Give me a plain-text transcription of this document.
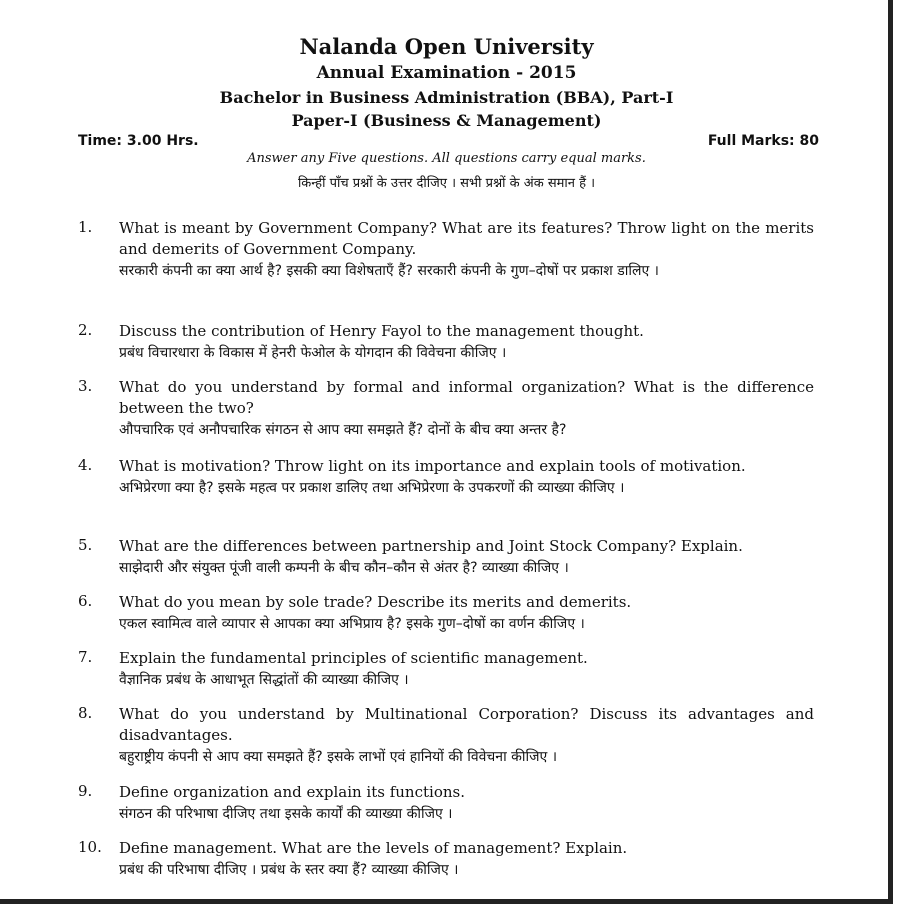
Nalanda Open University
Annual Examination - 2015
Bachelor in Business Administration (BBA), Part-I
Paper-I (Business & Management)
Time: 3.00 Hrs.	Full Marks: 80
Answer any Five questions. All questions carry equal marks.
किन्हीं पाँच प्रश्नों के उत्तर दीजिए । सभी प्रश्नों के अंक समान हैं ।
1. What is meant by Government Company? What are its features? Throw light on the merits and demerits of Government Company.
सरकारी कंपनी का क्या आर्थ है? इसकी क्या विशेषताएँ हैं? सरकारी कंपनी के गुण–दोषों पर प्रकाश डालिए ।
2. Discuss the contribution of Henry Fayol to the management thought.
प्रबंध विचारधारा के विकास में हेनरी फेओल के योगदान की विवेचना कीजिए ।
3. What do you understand by formal and informal organization? What is the difference between the two?
औपचारिक एवं अनौपचारिक संगठन से आप क्या समझते हैं? दोनों के बीच क्या अन्तर है?
4. What is motivation? Throw light on its importance and explain tools of motivation.
अभिप्रेरणा क्या है? इसके महत्व पर प्रकाश डालिए तथा अभिप्रेरणा के उपकरणों की व्याख्या कीजिए ।
5. What are the differences between partnership and Joint Stock Company? Explain.
साझेदारी और संयुक्त पूंजी वाली कम्पनी के बीच कौन–कौन से अंतर है? व्याख्या कीजिए ।
6. What do you mean by sole trade? Describe its merits and demerits.
एकल स्वामित्व वाले व्यापार से आपका क्या अभिप्राय है? इसके गुण–दोषों का वर्णन कीजिए ।
7. Explain the fundamental principles of scientific management.
वैज्ञानिक प्रबंध के आधाभूत सिद्धांतों की व्याख्या कीजिए ।
8. What do you understand by Multinational Corporation? Discuss its advantages and disadvantages.
बहुराष्ट्रीय कंपनी से आप क्या समझते हैं? इसके लाभों एवं हानियों की विवेचना कीजिए ।
9. Define organization and explain its functions.
संगठन की परिभाषा दीजिए तथा इसके कार्यों की व्याख्या कीजिए ।
10. Define management. What are the levels of management? Explain.
प्रबंध की परिभाषा दीजिए । प्रबंध के स्तर क्या हैं? व्याख्या कीजिए ।
